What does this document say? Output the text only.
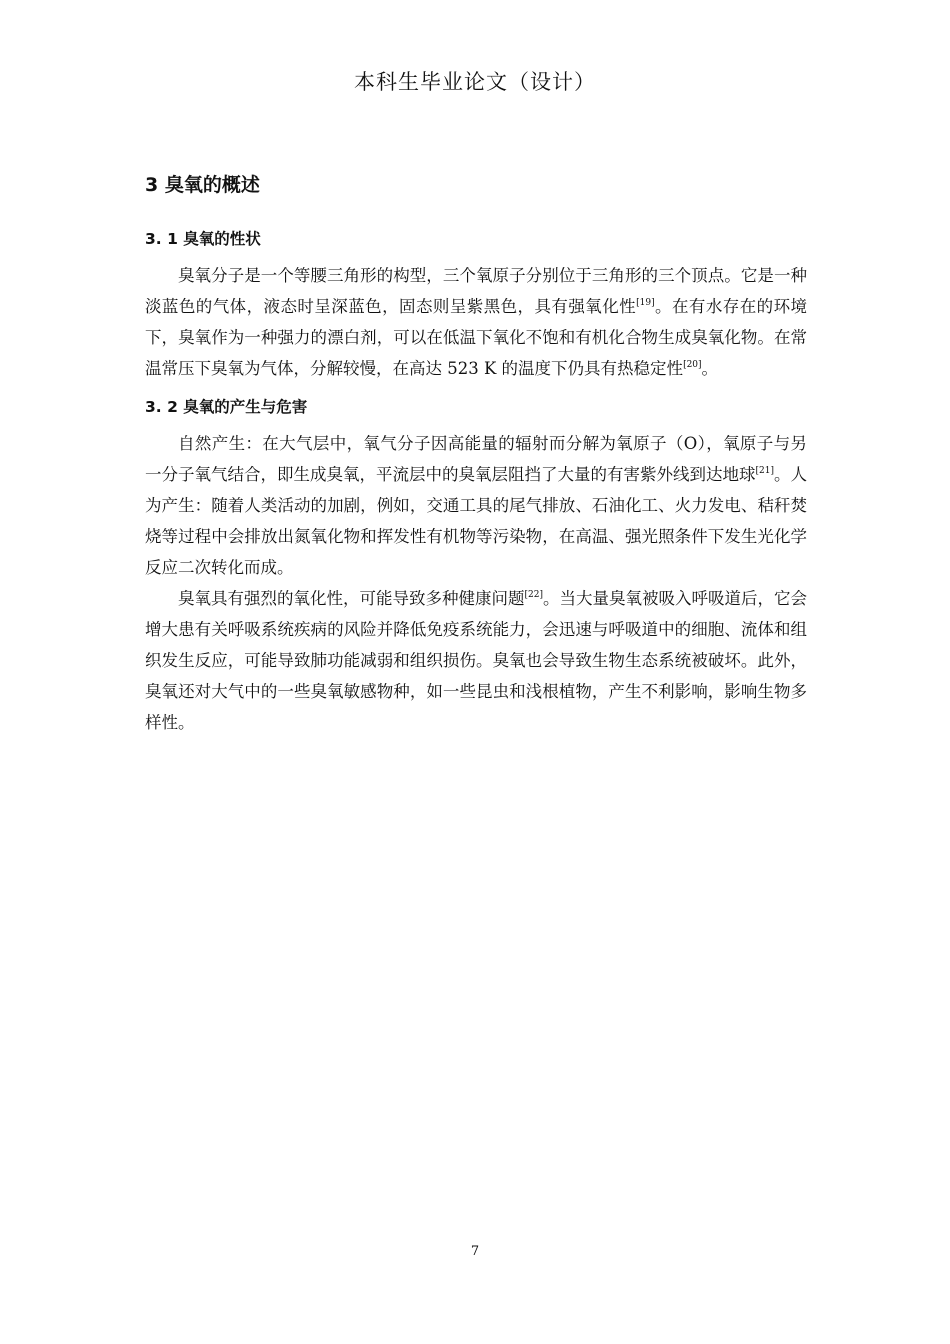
本科生毕业论文（设计）
3 臭氧的概述
3. 1 臭氧的性状

臭氧分子是一个等腰三角形的构型，三个氧原子分别位于三角形的三个顶点。它是一种淡蓝色的气体，液态时呈深蓝色，固态则呈紫黑色，具有强氧化性[19]。在有水存在的环境下，臭氧作为一种强力的漂白剂，可以在低温下氧化不饱和有机化合物生成臭氧化物。在常温常压下臭氧为气体，分解较慢，在高达 523 K 的温度下仍具有热稳定性[20]。

3. 2 臭氧的产生与危害

自然产生：在大气层中，氧气分子因高能量的辐射而分解为氧原子（O），氧原子与另一分子氧气结合，即生成臭氧，平流层中的臭氧层阻挡了大量的有害紫外线到达地球[21]。人为产生：随着人类活动的加剧，例如，交通工具的尾气排放、石油化工、火力发电、秸秆焚烧等过程中会排放出氮氧化物和挥发性有机物等污染物，在高温、强光照条件下发生光化学反应二次转化而成。

臭氧具有强烈的氧化性，可能导致多种健康问题[22]。当大量臭氧被吸入呼吸道后，它会增大患有关呼吸系统疾病的风险并降低免疫系统能力，会迅速与呼吸道中的细胞、流体和组织发生反应，可能导致肺功能减弱和组织损伤。臭氧也会导致生物生态系统被破坏。此外，臭氧还对大气中的一些臭氧敏感物种，如一些昆虫和浅根植物，产生不利影响，影响生物多样性。

7
